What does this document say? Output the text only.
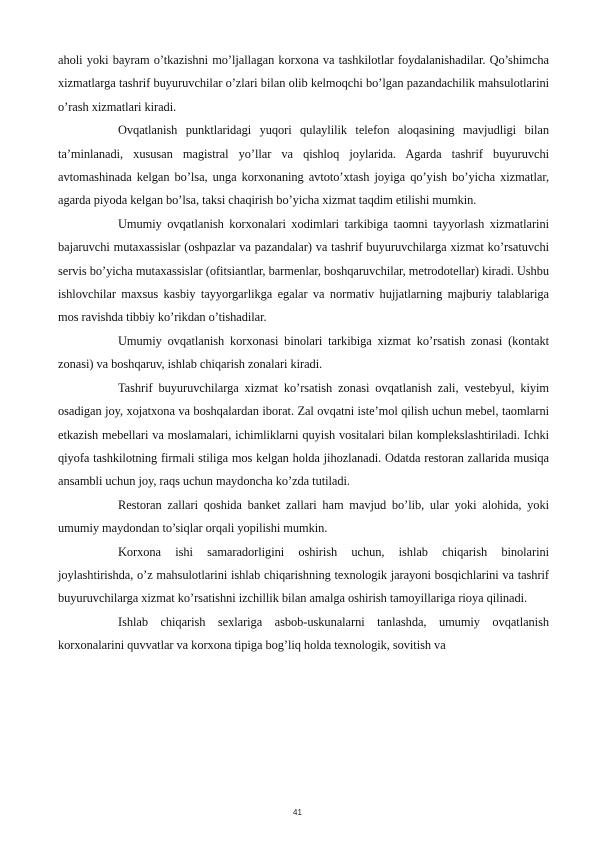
aholi yoki bayram o’tkazishni mo’ljallagan korxona va tashkilotlar foydalanishadilar. Qo’shimcha xizmatlarga tashrif buyuruvchilar o’zlari bilan olib kelmoqchi bo’lgan pazandachilik mahsulotlarini o’rash xizmatlari kiradi.

Ovqatlanish punktlaridagi yuqori qulaylilik telefon aloqasining mavjudligi bilan ta’minlanadi, xususan magistral yo’llar va qishloq joylarida. Agarda tashrif buyuruvchi avtomashinada kelgan bo’lsa, unga korxonaning avtoto’xtash joyiga qo’yish bo’yicha xizmatlar, agarda piyoda kelgan bo’lsa, taksi chaqirish bo’yicha xizmat taqdim etilishi mumkin.

Umumiy ovqatlanish korxonalari xodimlari tarkibiga taomni tayyorlash xizmatlarini bajaruvchi mutaxassislar (oshpazlar va pazandalar) va tashrif buyuruvchilarga xizmat ko’rsatuvchi servis bo’yicha mutaxassislar (ofitsiantlar, barmenlar, boshqaruvchilar, metrodotellar) kiradi. Ushbu ishlovchilar maxsus kasbiy tayyorgarlikga egalar va normativ hujjatlarning majburiy talablariga mos ravishda tibbiy ko’rikdan o’tishadilar.

Umumiy ovqatlanish korxonasi binolari tarkibiga xizmat ko’rsatish zonasi (kontakt zonasi) va boshqaruv, ishlab chiqarish zonalari kiradi.

Tashrif buyuruvchilarga xizmat ko’rsatish zonasi ovqatlanish zali, vestebyul, kiyim osadigan joy, xojatxona va boshqalardan iborat. Zal ovqatni iste’mol qilish uchun mebel, taomlarni etkazish mebellari va moslamalari, ichimliklarni quyish vositalari bilan komplekslashtiriladi. Ichki qiyofa tashkilotning firmali stiliga mos kelgan holda jihozlanadi. Odatda restoran zallarida musiqa ansambli uchun joy, raqs uchun maydoncha ko’zda tutiladi.

Restoran zallari qoshida banket zallari ham mavjud bo’lib, ular yoki alohida, yoki umumiy maydondan to’siqlar orqali yopilishi mumkin.

Korxona ishi samaradorligini oshirish uchun, ishlab chiqarish binolarini joylashtirishda, o’z mahsulotlarini ishlab chiqarishning texnologik jarayoni bosqichlarini va tashrif buyuruvchilarga xizmat ko’rsatishni izchillik bilan amalga oshirish tamoyillariga rioya qilinadi.

Ishlab chiqarish sexlariga asbob-uskunalarni tanlashda, umumiy ovqatlanish korxonalarini quvvatlar va korxona tipiga bog’liq holda texnologik, sovitish va

41
